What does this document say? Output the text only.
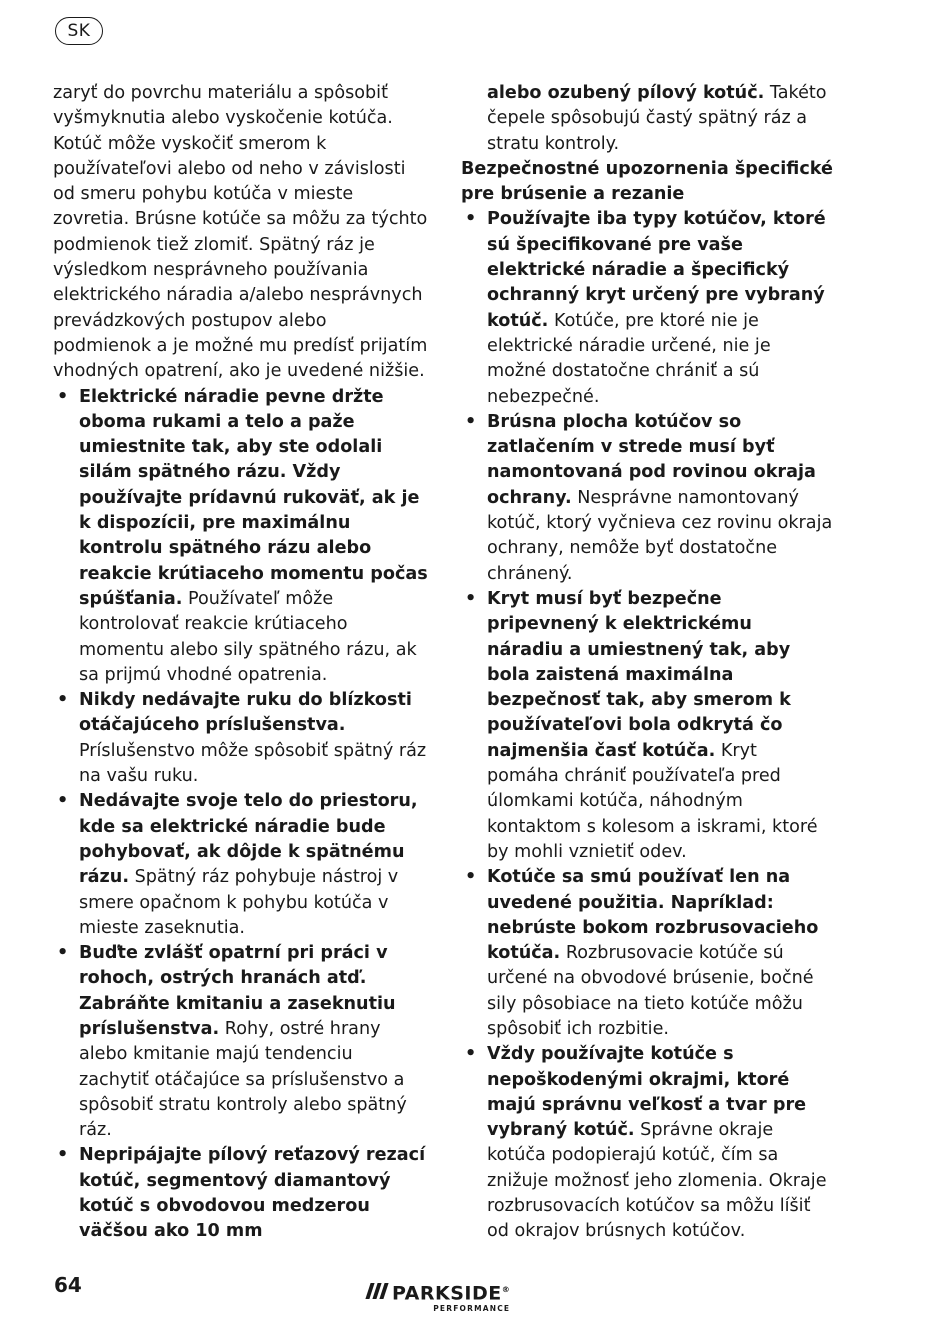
SK

zaryť do povrchu materiálu a spôsobiť vyšmyknutia alebo vyskočenie kotúča. Kotúč môže vyskočiť smerom k používateľovi alebo od neho v závislosti od smeru pohybu kotúča v mieste zovretia. Brúsne kotúče sa môžu za týchto podmienok tiež zlomiť. Spätný ráz je výsledkom nesprávneho používania elektrického náradia a/alebo nesprávnych prevádzkových postupov alebo podmienok a je možné mu predísť prijatím vhodných opatrení, ako je uvedené nižšie.

• Elektrické náradie pevne držte oboma rukami a telo a paže umiestnite tak, aby ste odolali silám spätného rázu. Vždy používajte prídavnú rukoväť, ak je k dispozícii, pre maximálnu kontrolu spätného rázu alebo reakcie krútiaceho momentu počas spúšťania. Používateľ môže kontrolovať reakcie krútiaceho momentu alebo sily spätného rázu, ak sa prijmú vhodné opatrenia.
• Nikdy nedávajte ruku do blízkosti otáčajúceho príslušenstva. Príslušenstvo môže spôsobiť spätný ráz na vašu ruku.
• Nedávajte svoje telo do priestoru, kde sa elektrické náradie bude pohybovať, ak dôjde k spätnému rázu. Spätný ráz pohybuje nástroj v smere opačnom k pohybu kotúča v mieste zaseknutia.
• Buďte zvlášť opatrní pri práci v rohoch, ostrých hranách atď. Zabráňte kmitaniu a zaseknutiu príslušenstva. Rohy, ostré hrany alebo kmitanie majú tendenciu zachytiť otáčajúce sa príslušenstvo a spôsobiť stratu kontroly alebo spätný ráz.
• Nepripájajte pílový reťazový rezací kotúč, segmentový diamantový kotúč s obvodovou medzerou väčšou ako 10 mm

alebo ozubený pílový kotúč. Takéto čepele spôsobujú častý spätný ráz a stratu kontroly.

Bezpečnostné upozornenia špecifické pre brúsenie a rezanie

• Používajte iba typy kotúčov, ktoré sú špecifikované pre vaše elektrické náradie a špecifický ochranný kryt určený pre vybraný kotúč. Kotúče, pre ktoré nie je elektrické náradie určené, nie je možné dostatočne chrániť a sú nebezpečné.
• Brúsna plocha kotúčov so zatlačením v strede musí byť namontovaná pod rovinou okraja ochrany. Nesprávne namontovaný kotúč, ktorý vyčnieva cez rovinu okraja ochrany, nemôže byť dostatočne chránený.
• Kryt musí byť bezpečne pripevnený k elektrickému náradiu a umiestnený tak, aby bola zaistená maximálna bezpečnosť tak, aby smerom k používateľovi bola odkrytá čo najmenšia časť kotúča. Kryt pomáha chrániť používateľa pred úlomkami kotúča, náhodným kontaktom s kolesom a iskrami, ktoré by mohli vznietiť odev.
• Kotúče sa smú používať len na uvedené použitia. Napríklad: nebrúste bokom rozbrusovacieho kotúča. Rozbrusovacie kotúče sú určené na obvodové brúsenie, bočné sily pôsobiace na tieto kotúče môžu spôsobiť ich rozbitie.
• Vždy používajte kotúče s nepoškodenými okrajmi, ktoré majú správnu veľkosť a tvar pre vybraný kotúč. Správne okraje kotúča podopierajú kotúč, čím sa znižuje možnosť jeho zlomenia. Okraje rozbrusovacích kotúčov sa môžu líšiť od okrajov brúsnych kotúčov.
64	PARKSIDE®
PERFORMANCE
